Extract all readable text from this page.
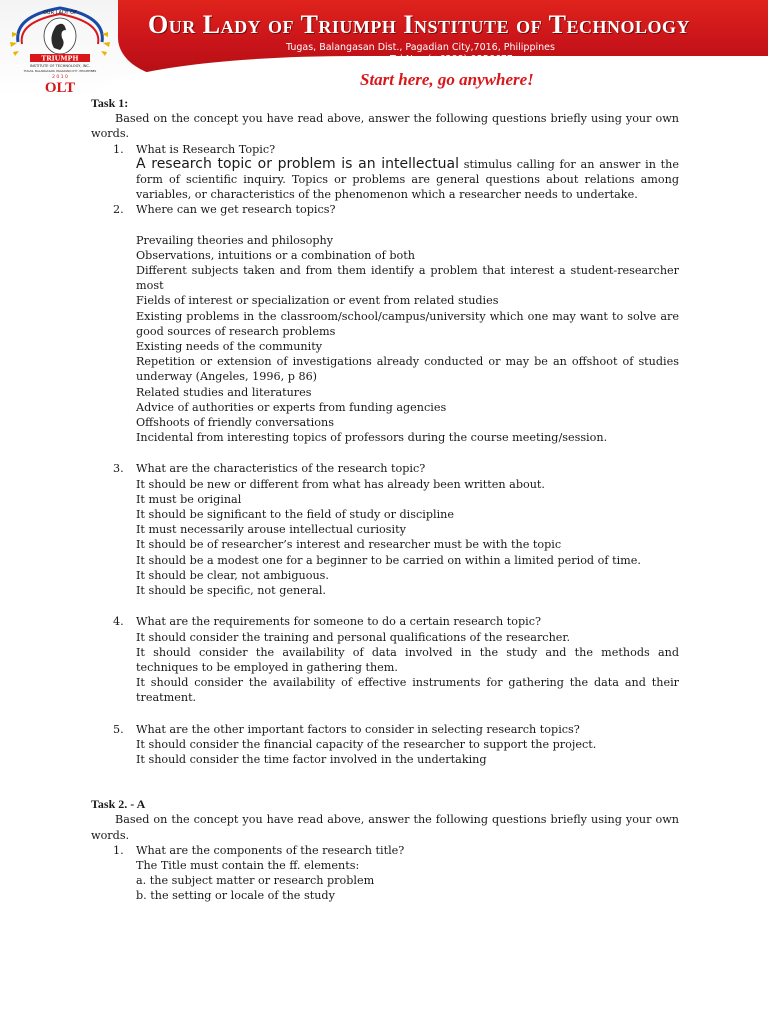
OUR LADY OF
TRIUMPH
INSTITUTE OF TECHNOLOGY, INC.
TUGAS, BALANGASAN, PAGADIAN CITY, PHILIPPINES
2 0 1 0
OLT
Our Lady of Triumph Institute of Technology
Tugas, Balangasan Dist., Pagadian City,7016, Philippines
Tel No.: (+6388)-9256677
Start here, go anywhere!

Task 1:

Based on the concept you have read above, answer the following questions briefly using your own words.

1. What is Research Topic?

A research topic or problem is an intellectual stimulus calling for an answer in the form of scientific inquiry. Topics or problems are general questions about relations among variables, or characteristics of the phenomenon which a researcher needs to undertake.

2. Where can we get research topics?

Prevailing theories and philosophy

Observations, intuitions or a combination of both

Different subjects taken and from them identify a problem that interest a student-researcher most

Fields of interest or specialization or event from related studies

Existing problems in the classroom/school/campus/university which one may want to solve are good sources of research problems

Existing needs of the community

Repetition or extension of investigations already conducted or may be an offshoot of studies underway (Angeles, 1996, p 86)

Related studies and literatures

Advice of authorities or experts from funding agencies

Offshoots of friendly conversations

Incidental from interesting topics of professors during the course meeting/session.

3. What are the characteristics of the research topic?

It should be new or different from what has already been written about.

It must be original

It should be significant to the field of study or discipline

It must necessarily arouse intellectual curiosity

It should be of researcher’s interest and researcher must be with the topic

It should be a modest one for a beginner to be carried on within a limited period of time.

It should be clear, not ambiguous.

It should be specific, not general.

4. What are the requirements for someone to do a certain research topic?

It should consider the training and personal qualifications of the researcher.

It should consider the availability of data involved in the study and the methods and techniques to be employed in gathering them.

It should consider the availability of effective instruments for gathering the data and their treatment.

5. What are the other important factors to consider in selecting research topics?

It should consider the financial capacity of the researcher to support the project.

It should consider the time factor involved in the undertaking

Task 2. - A

Based on the concept you have read above, answer the following questions briefly using your own words.

1. What are the components of the research title?

The Title must contain the ff. elements:

a. the subject matter or research problem

b. the setting or locale of the study
